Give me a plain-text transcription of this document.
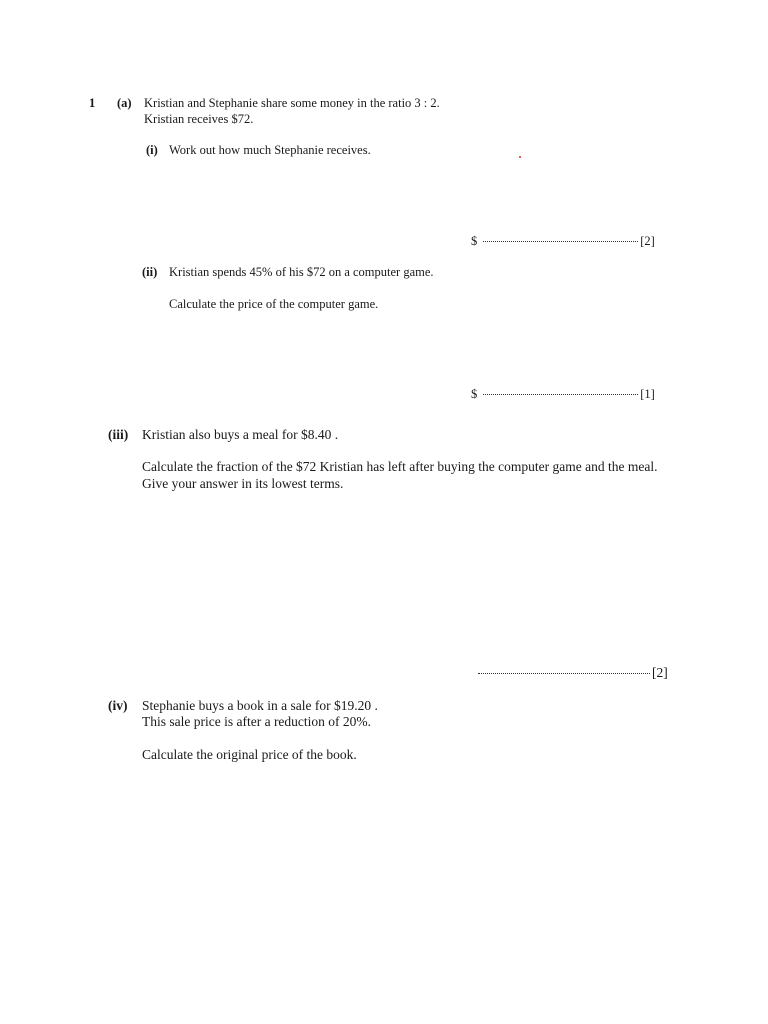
1 (a) Kristian and Stephanie share some money in the ratio 3 : 2.
Kristian receives $72.
(i) Work out how much Stephanie receives.
$	[2]
(ii) Kristian spends 45% of his $72 on a computer game.
Calculate the price of the computer game.
$	[1]
(iii) Kristian also buys a meal for $8.40 .
Calculate the fraction of the $72 Kristian has left after buying the computer game and the meal.
Give your answer in its lowest terms.
[2]
(iv) Stephanie buys a book in a sale for $19.20 .
This sale price is after a reduction of 20%.
Calculate the original price of the book.
